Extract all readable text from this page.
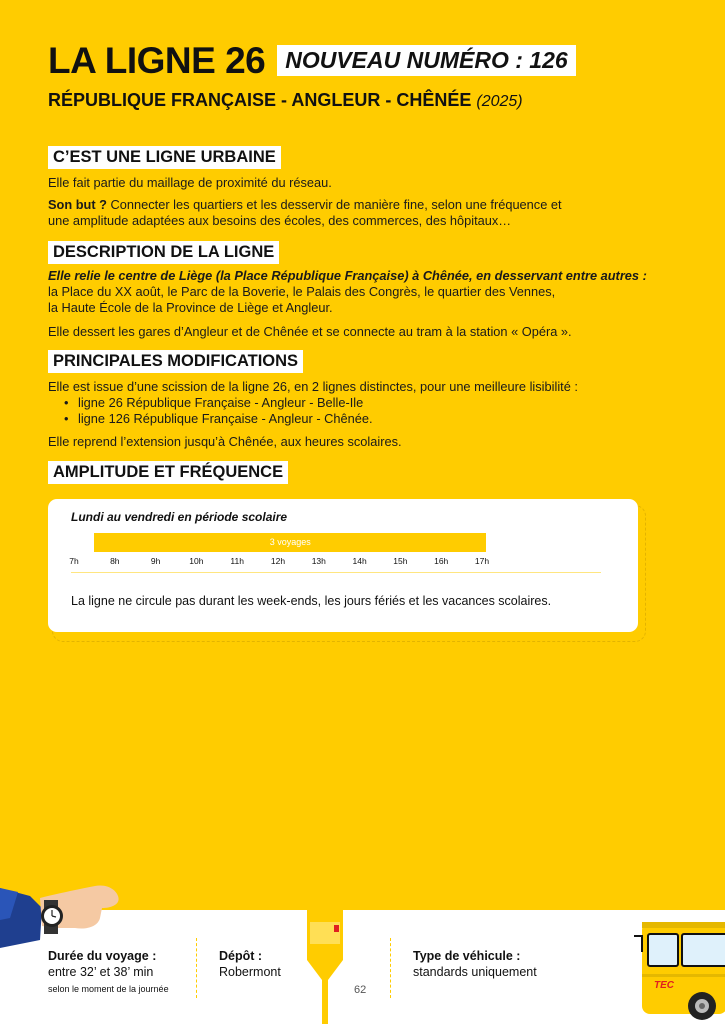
LA LIGNE 26 NOUVEAU NUMÉRO : 126
RÉPUBLIQUE FRANÇAISE - ANGLEUR - CHÊNÉE (2025)
C’EST UNE LIGNE URBAINE
Elle fait partie du maillage de proximité du réseau.
Son but ? Connecter les quartiers et les desservir de manière fine, selon une fréquence et
une amplitude adaptées aux besoins des écoles, des commerces, des hôpitaux…
DESCRIPTION DE LA LIGNE
Elle relie le centre de Liège (la Place République Française) à Chênée, en desservant entre autres :
la Place du XX août, le Parc de la Boverie, le Palais des Congrès, le quartier des Vennes,
la Haute École de la Province de Liège et Angleur.
Elle dessert les gares d’Angleur et de Chênée et se connecte au tram à la station « Opéra ».
PRINCIPALES MODIFICATIONS
Elle est issue d’une scission de la ligne 26, en 2 lignes distinctes, pour une meilleure lisibilité :
• ligne 26 République Française - Angleur - Belle-Ile
• ligne 126 République Française - Angleur - Chênée.
Elle reprend l’extension jusqu’à Chênée, aux heures scolaires.
AMPLITUDE ET FRÉQUENCE
Lundi au vendredi en période scolaire
3 voyages
7h	8h	9h	10h	11h	12h	13h	14h	15h	16h	17h
La ligne ne circule pas durant les week-ends, les jours fériés et les vacances scolaires.
Durée du voyage :
entre 32’ et 38’ min
selon le moment de la journée
Dépôt :
Robermont
62
Type de véhicule :
standards uniquement
TEC
